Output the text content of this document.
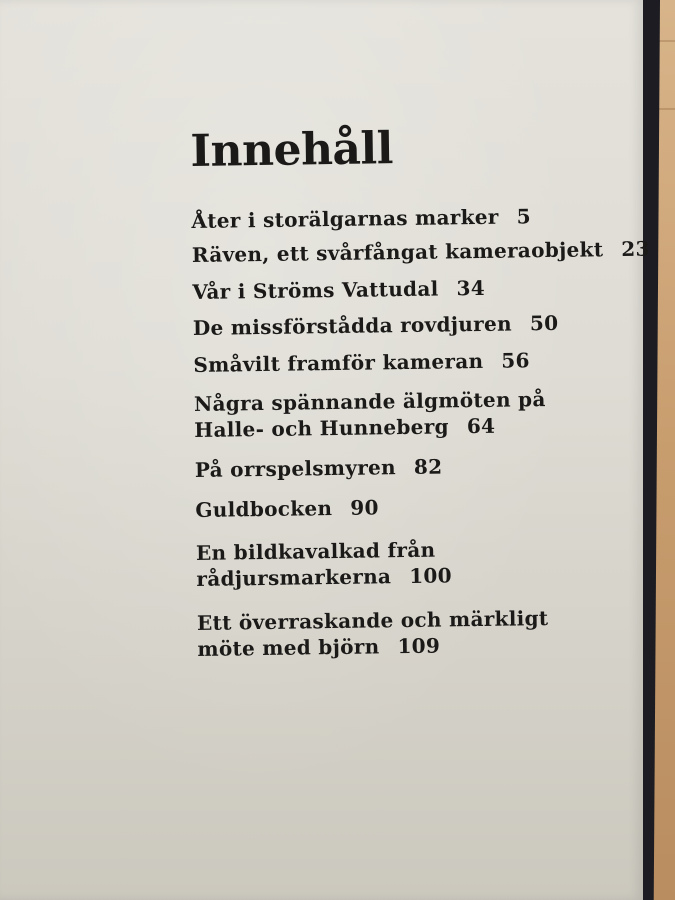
Innehåll
Åter i storälgarnas marker 5
Räven, ett svårfångat kameraobjekt 23
Vår i Ströms Vattudal 34
De missförstådda rovdjuren 50
Småvilt framför kameran 56
Några spännande älgmöten på
Halle- och Hunneberg 64
På orrspelsmyren 82
Guldbocken 90
En bildkavalkad från
rådjursmarkerna 100
Ett överraskande och märkligt
möte med björn 109
